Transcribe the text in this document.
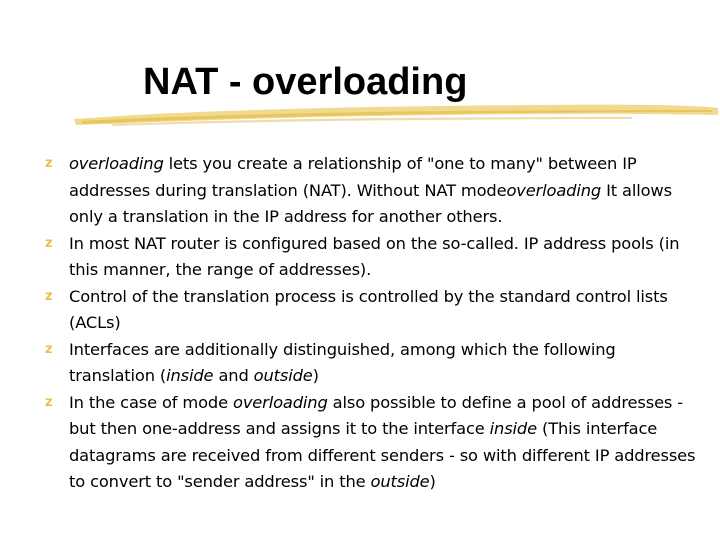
NAT - overloading
z	overloading lets you create a relationship of "one to many" between IP addresses during translation (NAT). Without NAT modeoverloading It allows only a translation in the IP address for another others.
z	In most NAT router is configured based on the so-called. IP address pools (in this manner, the range of addresses).
z	Control of the translation process is controlled by the standard control lists (ACLs)
z	Interfaces are additionally distinguished, among which the following translation (inside and outside)
z	In the case of mode overloading also possible to define a pool of addresses - but then one-address and assigns it to the interface inside (This interface datagrams are received from different senders - so with different IP addresses to convert to "sender address" in the outside)
